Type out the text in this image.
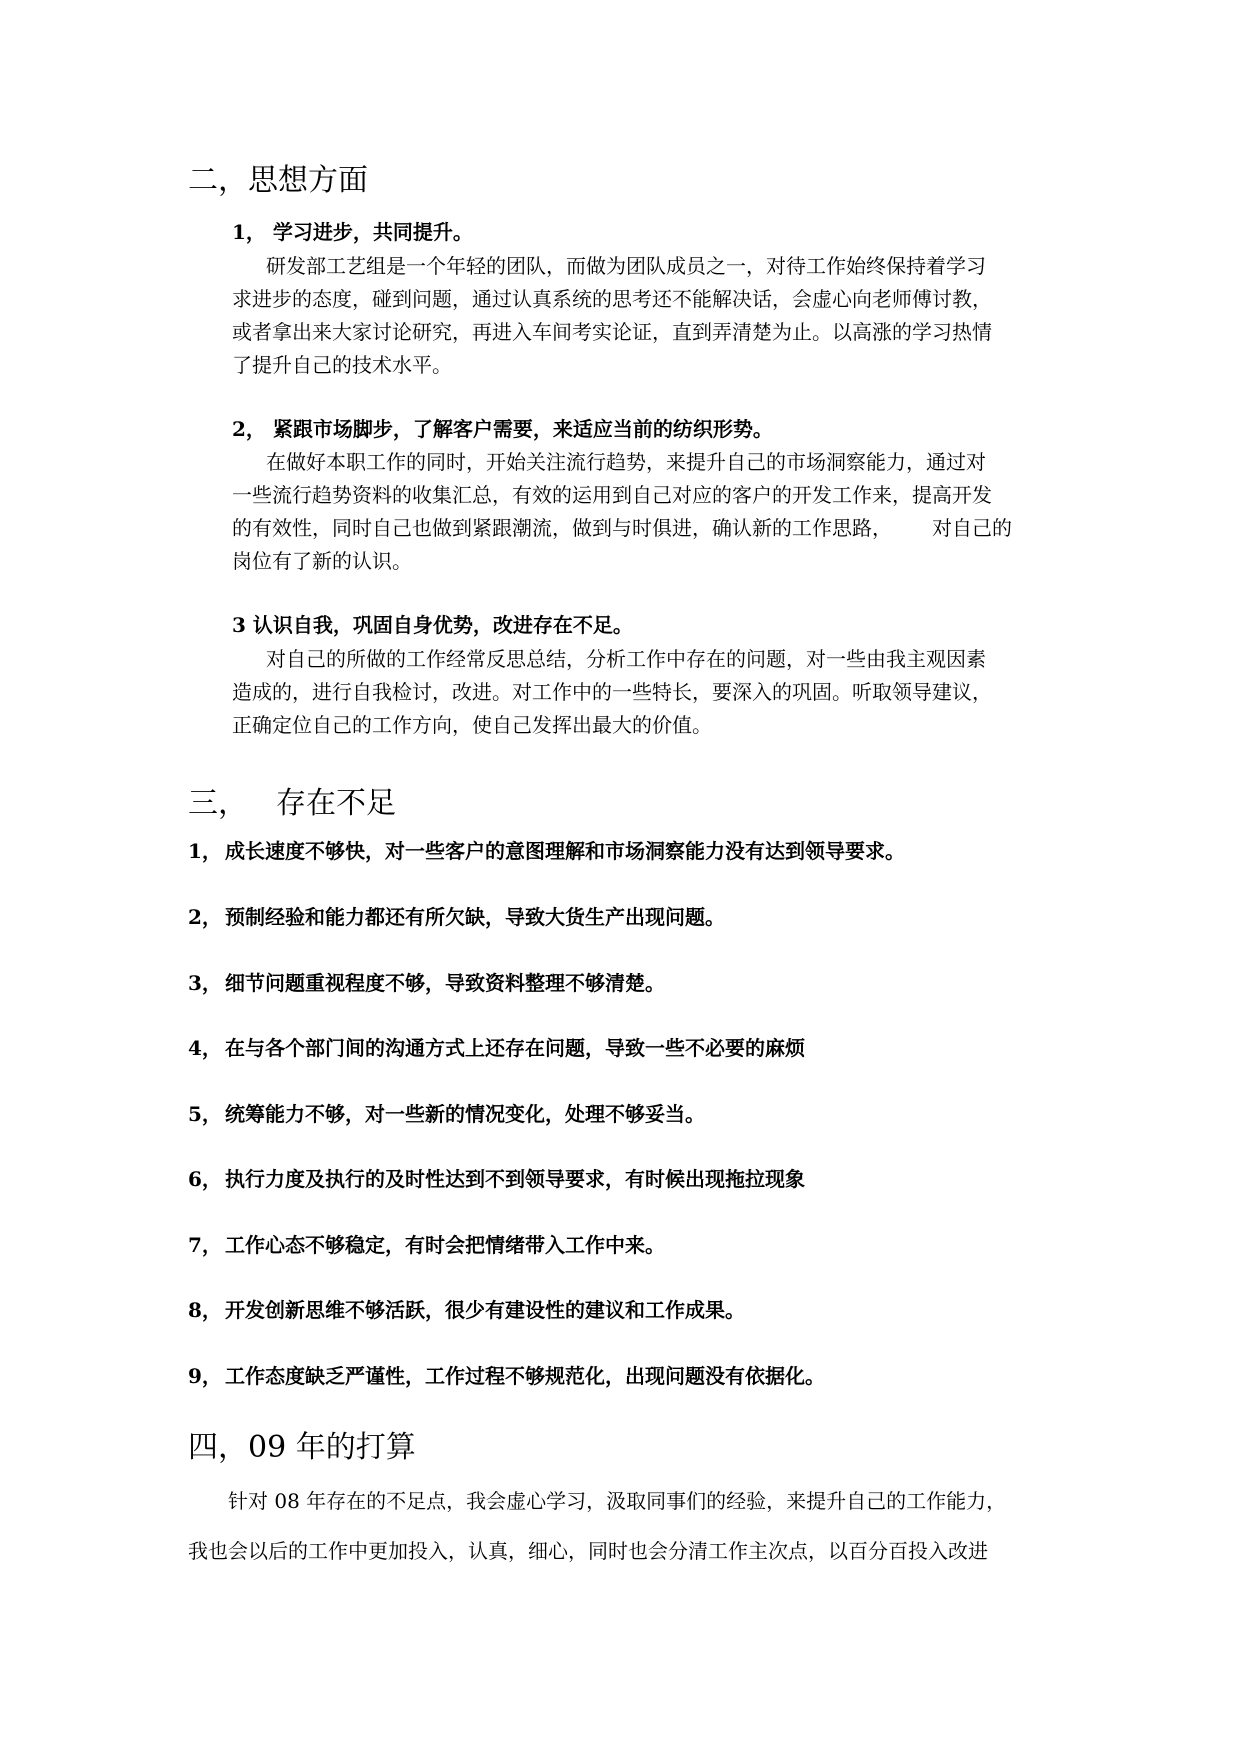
二，思想方面
1， 学习进步，共同提升。
研发部工艺组是一个年轻的团队，而做为团队成员之一，对待工作始终保持着学习
求进步的态度，碰到问题，通过认真系统的思考还不能解决话，会虚心向老师傅讨教，
或者拿出来大家讨论研究，再进入车间考实论证，直到弄清楚为止。以高涨的学习热情
了提升自己的技术水平。
2， 紧跟市场脚步，了解客户需要，来适应当前的纺织形势。
在做好本职工作的同时，开始关注流行趋势，来提升自己的市场洞察能力，通过对
一些流行趋势资料的收集汇总，有效的运用到自己对应的客户的开发工作来，提高开发
的有效性，同时自己也做到紧跟潮流，做到与时俱进，确认新的工作思路， 对自己的
岗位有了新的认识。
3 认识自我，巩固自身优势，改进存在不足。
对自己的所做的工作经常反思总结，分析工作中存在的问题，对一些由我主观因素
造成的，进行自我检讨，改进。对工作中的一些特长，要深入的巩固。听取领导建议，
正确定位自己的工作方向，使自己发挥出最大的价值。
三， 存在不足
1， 成长速度不够快，对一些客户的意图理解和市场洞察能力没有达到领导要求。
2， 预制经验和能力都还有所欠缺，导致大货生产出现问题。
3， 细节问题重视程度不够，导致资料整理不够清楚。
4， 在与各个部门间的沟通方式上还存在问题，导致一些不必要的麻烦
5， 统筹能力不够，对一些新的情况变化，处理不够妥当。
6， 执行力度及执行的及时性达到不到领导要求，有时候出现拖拉现象
7， 工作心态不够稳定，有时会把情绪带入工作中来。
8， 开发创新思维不够活跃，很少有建设性的建议和工作成果。
9， 工作态度缺乏严谨性，工作过程不够规范化，出现问题没有依据化。
四，09 年的打算
针对 08 年存在的不足点，我会虚心学习，汲取同事们的经验，来提升自己的工作能力，
我也会以后的工作中更加投入，认真，细心，同时也会分清工作主次点，以百分百投入改进
